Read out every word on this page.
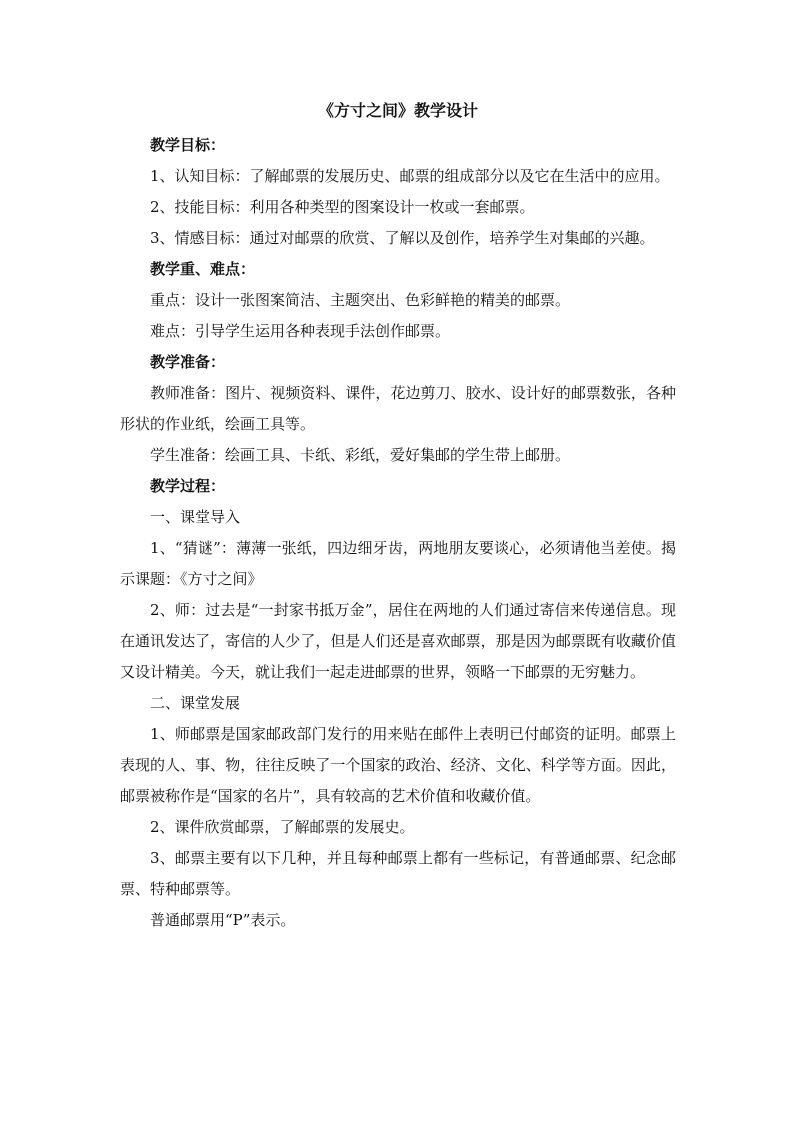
《方寸之间》教学设计

教学目标：

1、认知目标：了解邮票的发展历史、邮票的组成部分以及它在生活中的应用。

2、技能目标：利用各种类型的图案设计一枚或一套邮票。

3、情感目标：通过对邮票的欣赏、了解以及创作，培养学生对集邮的兴趣。

教学重、难点：

重点：设计一张图案简洁、主题突出、色彩鲜艳的精美的邮票。

难点：引导学生运用各种表现手法创作邮票。

教学准备：

教师准备：图片、视频资料、课件，花边剪刀、胶水、设计好的邮票数张，各种形状的作业纸，绘画工具等。

学生准备：绘画工具、卡纸、彩纸，爱好集邮的学生带上邮册。

教学过程：

一、课堂导入

1、“猜谜”：薄薄一张纸，四边细牙齿，两地朋友要谈心，必须请他当差使。揭示课题：《方寸之间》

2、师：过去是“一封家书抵万金”，居住在两地的人们通过寄信来传递信息。现在通讯发达了，寄信的人少了，但是人们还是喜欢邮票，那是因为邮票既有收藏价值又设计精美。今天，就让我们一起走进邮票的世界，领略一下邮票的无穷魅力。

二、课堂发展

1、师邮票是国家邮政部门发行的用来贴在邮件上表明已付邮资的证明。邮票上表现的人、事、物，往往反映了一个国家的政治、经济、文化、科学等方面。因此，邮票被称作是“国家的名片”，具有较高的艺术价值和收藏价值。

2、课件欣赏邮票，了解邮票的发展史。

3、邮票主要有以下几种，并且每种邮票上都有一些标记，有普通邮票、纪念邮票、特种邮票等。

普通邮票用“P”表示。
